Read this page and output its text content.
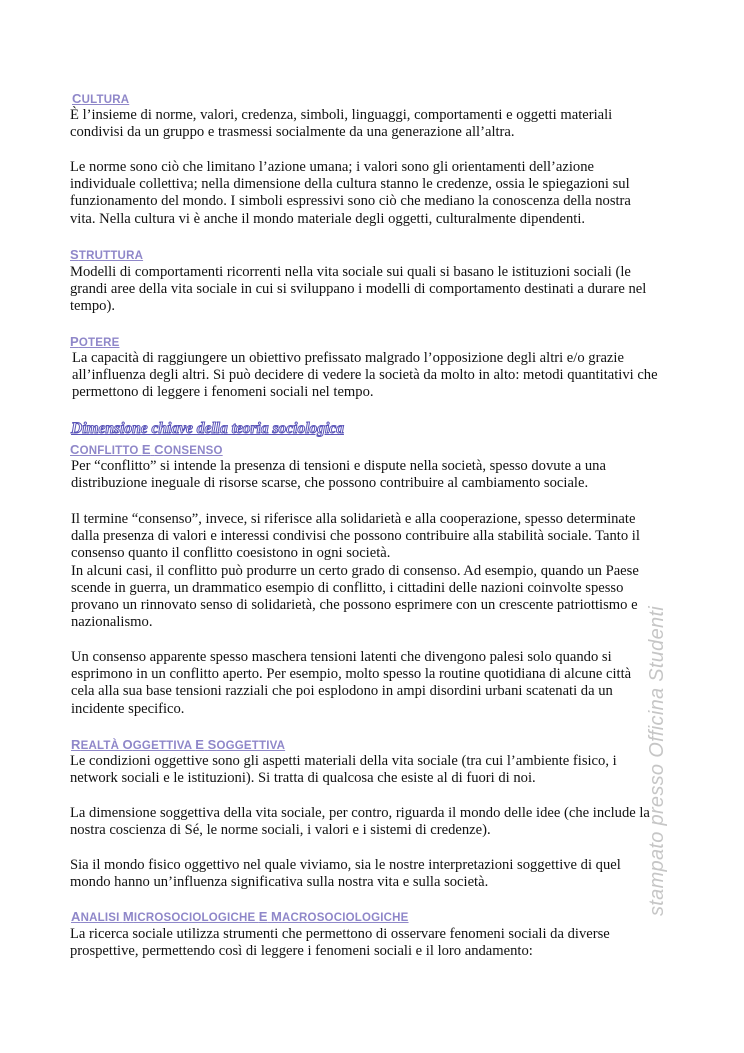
CULTURA
È l’insieme di norme, valori, credenza, simboli, linguaggi, comportamenti e oggetti materiali
condivisi da un gruppo e trasmessi socialmente da una generazione all’altra.
Le norme sono ciò che limitano l’azione umana; i valori sono gli orientamenti dell’azione
individuale collettiva; nella dimensione della cultura stanno le credenze, ossia le spiegazioni sul
funzionamento del mondo. I simboli espressivi sono ciò che mediano la conoscenza della nostra
vita. Nella cultura vi è anche il mondo materiale degli oggetti, culturalmente dipendenti.
STRUTTURA
Modelli di comportamenti ricorrenti nella vita sociale sui quali si basano le istituzioni sociali (le
grandi aree della vita sociale in cui si sviluppano i modelli di comportamento destinati a durare nel
tempo).
POTERE
La capacità di raggiungere un obiettivo prefissato malgrado l’opposizione degli altri e/o grazie
all’influenza degli altri. Si può decidere di vedere la società da molto in alto: metodi quantitativi che
permettono di leggere i fenomeni sociali nel tempo.
Dimensione chiave della teoria sociologica
CONFLITTO E CONSENSO
Per “conflitto” si intende la presenza di tensioni e dispute nella società, spesso dovute a una
distribuzione ineguale di risorse scarse, che possono contribuire al cambiamento sociale.
Il termine “consenso”, invece, si riferisce alla solidarietà e alla cooperazione, spesso determinate
dalla presenza di valori e interessi condivisi che possono contribuire alla stabilità sociale. Tanto il
consenso quanto il conflitto coesistono in ogni società.
In alcuni casi, il conflitto può produrre un certo grado di consenso. Ad esempio, quando un Paese
scende in guerra, un drammatico esempio di conflitto, i cittadini delle nazioni coinvolte spesso
provano un rinnovato senso di solidarietà, che possono esprimere con un crescente patriottismo e
nazionalismo.
Un consenso apparente spesso maschera tensioni latenti che divengono palesi solo quando si
esprimono in un conflitto aperto. Per esempio, molto spesso la routine quotidiana di alcune città
cela alla sua base tensioni razziali che poi esplodono in ampi disordini urbani scatenati da un
incidente specifico.
REALTÀ OGGETTIVA E SOGGETTIVA
Le condizioni oggettive sono gli aspetti materiali della vita sociale (tra cui l’ambiente fisico, i
network sociali e le istituzioni). Si tratta di qualcosa che esiste al di fuori di noi.
La dimensione soggettiva della vita sociale, per contro, riguarda il mondo delle idee (che include la
nostra coscienza di Sé, le norme sociali, i valori e i sistemi di credenze).
Sia il mondo fisico oggettivo nel quale viviamo, sia le nostre interpretazioni soggettive di quel
mondo hanno un’influenza significativa sulla nostra vita e sulla società.
ANALISI MICROSOCIOLOGICHE E MACROSOCIOLOGICHE
La ricerca sociale utilizza strumenti che permettono di osservare fenomeni sociali da diverse
prospettive, permettendo così di leggere i fenomeni sociali e il loro andamento:
stampato presso Officina Studenti
